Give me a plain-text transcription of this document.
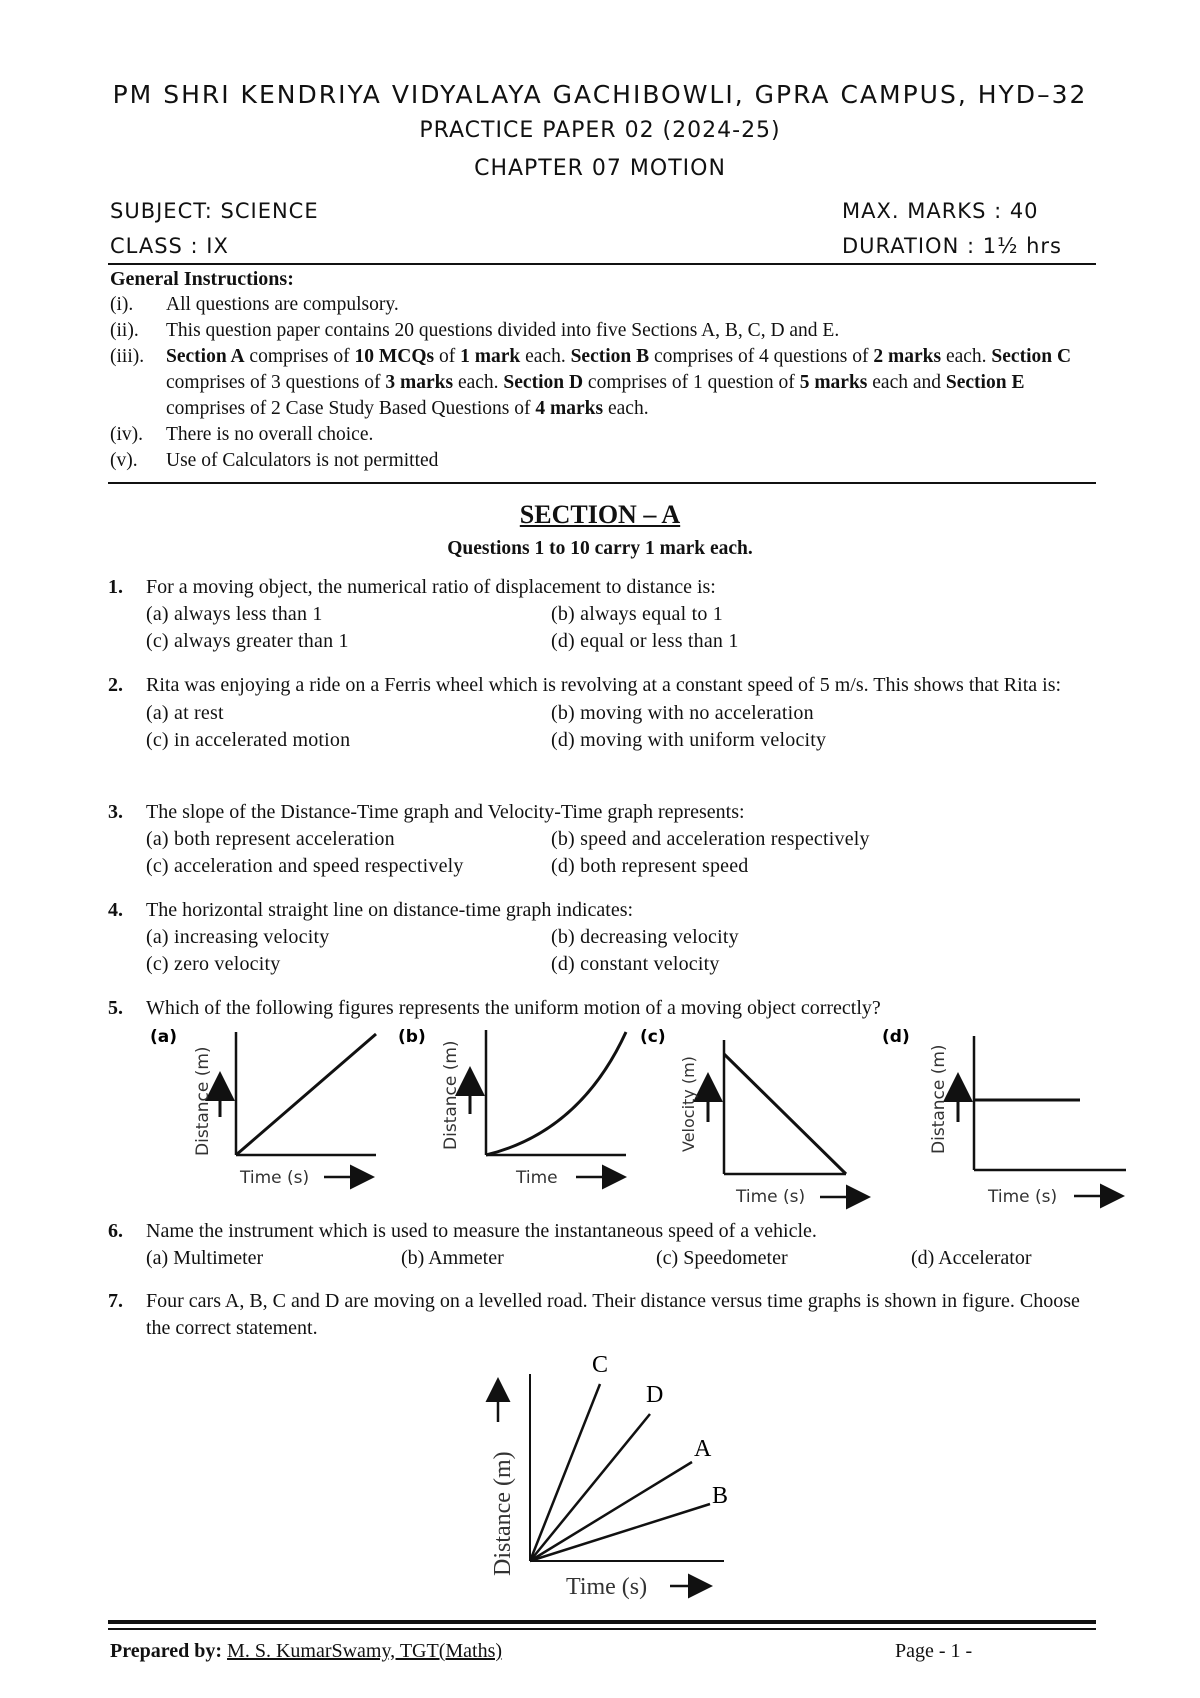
PM SHRI KENDRIYA VIDYALAYA GACHIBOWLI, GPRA CAMPUS, HYD–32
PRACTICE PAPER 02 (2024-25)
CHAPTER 07 MOTION
SUBJECT: SCIENCE	MAX. MARKS : 40
CLASS : IX	DURATION : 1½ hrs
General Instructions:
(i).	All questions are compulsory.
(ii).	This question paper contains 20 questions divided into five Sections A, B, C, D and E.
(iii).	Section A comprises of 10 MCQs of 1 mark each. Section B comprises of 4 questions of 2 marks each. Section C comprises of 3 questions of 3 marks each. Section D comprises of 1 question of 5 marks each and Section E comprises of 2 Case Study Based Questions of 4 marks each.
(iv).	There is no overall choice.
(v).	Use of Calculators is not permitted
SECTION – A
Questions 1 to 10 carry 1 mark each.
1. For a moving object, the numerical ratio of displacement to distance is:
(a) always less than 1	(b) always equal to 1
(c) always greater than 1	(d) equal or less than 1
2. Rita was enjoying a ride on a Ferris wheel which is revolving at a constant speed of 5 m/s. This shows that Rita is:
(a) at rest	(b) moving with no acceleration
(c) in accelerated motion	(d) moving with uniform velocity
3. The slope of the Distance-Time graph and Velocity-Time graph represents:
(a) both represent acceleration	(b) speed and acceleration respectively
(c) acceleration and speed respectively	(d) both represent speed
4. The horizontal straight line on distance-time graph indicates:
(a) increasing velocity	(b) decreasing velocity
(c) zero velocity	(d) constant velocity
5. Which of the following figures represents the uniform motion of a moving object correctly?
(a)
Distance (m)
Time (s)
(b)
Distance (m)
Time
(c)
Velocity (m)
Time (s)
(d)
Distance (m)
Time (s)
6. Name the instrument which is used to measure the instantaneous speed of a vehicle.
(a) Multimeter	(b) Ammeter	(c) Speedometer	(d) Accelerator
7. Four cars A, B, C and D are moving on a levelled road. Their distance versus time graphs is shown in figure. Choose the correct statement.
C
D
A
B
Distance (m)
Time (s)
Prepared by: M. S. KumarSwamy, TGT(Maths)	Page - 1 -
